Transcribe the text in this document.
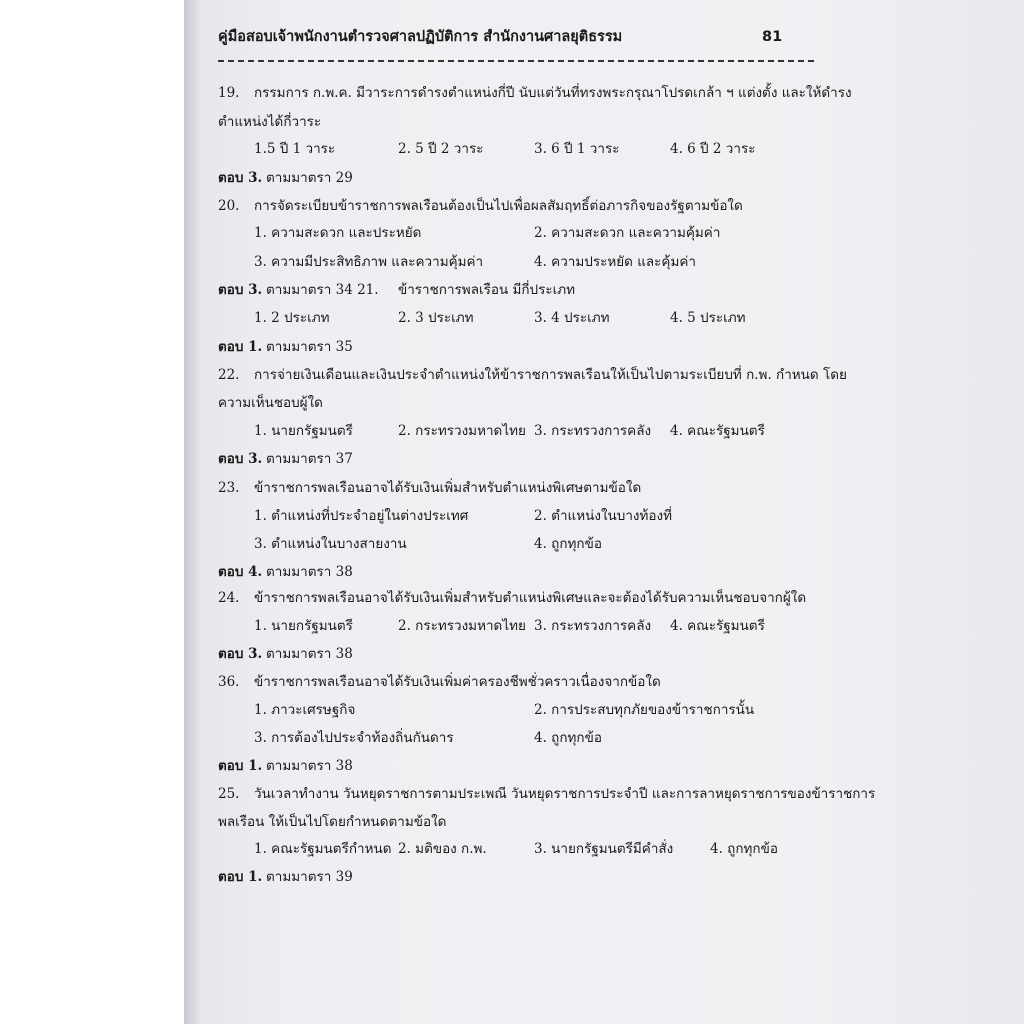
คู่มือสอบเจ้าพนักงานตำรวจศาลปฏิบัติการ สำนักงานศาลยุติธรรม	81
19. กรรมการ ก.พ.ค. มีวาระการดำรงตำแหน่งกี่ปี นับแต่วันที่ทรงพระกรุณาโปรดเกล้า ฯ แต่งตั้ง และให้ดำรง
ตำแหน่งได้กี่วาระ
1.5 ปี 1 วาระ	2. 5 ปี 2 วาระ	3. 6 ปี 1 วาระ	4. 6 ปี 2 วาระ
ตอบ 3. ตามมาตรา 29
20. การจัดระเบียบข้าราชการพลเรือนต้องเป็นไปเพื่อผลสัมฤทธิ์ต่อภารกิจของรัฐตามข้อใด
1. ความสะดวก และประหยัด	2. ความสะดวก และความคุ้มค่า
3. ความมีประสิทธิภาพ และความคุ้มค่า	4. ความประหยัด และคุ้มค่า
ตอบ 3. ตามมาตรา 34 21. ข้าราชการพลเรือน มีกี่ประเภท
1. 2 ประเภท	2. 3 ประเภท	3. 4 ประเภท	4. 5 ประเภท
ตอบ 1. ตามมาตรา 35
22. การจ่ายเงินเดือนและเงินประจำตำแหน่งให้ข้าราชการพลเรือนให้เป็นไปตามระเบียบที่ ก.พ. กำหนด โดย
ความเห็นชอบผู้ใด
1. นายกรัฐมนตรี	2. กระทรวงมหาดไทย 3. กระทรวงการคลัง 4. คณะรัฐมนตรี
ตอบ 3. ตามมาตรา 37
23. ข้าราชการพลเรือนอาจได้รับเงินเพิ่มสำหรับตำแหน่งพิเศษตามข้อใด
1. ตำแหน่งที่ประจำอยู่ในต่างประเทศ	2. ตำแหน่งในบางท้องที่
3. ตำแหน่งในบางสายงาน	4. ถูกทุกข้อ
ตอบ 4. ตามมาตรา 38
24. ข้าราชการพลเรือนอาจได้รับเงินเพิ่มสำหรับตำแหน่งพิเศษและจะต้องได้รับความเห็นชอบจากผู้ใด
1. นายกรัฐมนตรี	2. กระทรวงมหาดไทย 3. กระทรวงการคลัง 4. คณะรัฐมนตรี
ตอบ 3. ตามมาตรา 38
36. ข้าราชการพลเรือนอาจได้รับเงินเพิ่มค่าครองชีพชั่วคราวเนื่องจากข้อใด
1. ภาวะเศรษฐกิจ	2. การประสบทุกภัยของข้าราชการนั้น
3. การต้องไปประจำท้องถิ่นกันดาร	4. ถูกทุกข้อ
ตอบ 1. ตามมาตรา 38
25. วันเวลาทำงาน วันหยุดราชการตามประเพณี วันหยุดราชการประจำปี และการลาหยุดราชการของข้าราชการ
พลเรือน ให้เป็นไปโดยกำหนดตามข้อใด
1. คณะรัฐมนตรีกำหนด 2. มติของ ก.พ.	3. นายกรัฐมนตรีมีคำสั่ง	4. ถูกทุกข้อ
ตอบ 1. ตามมาตรา 39
